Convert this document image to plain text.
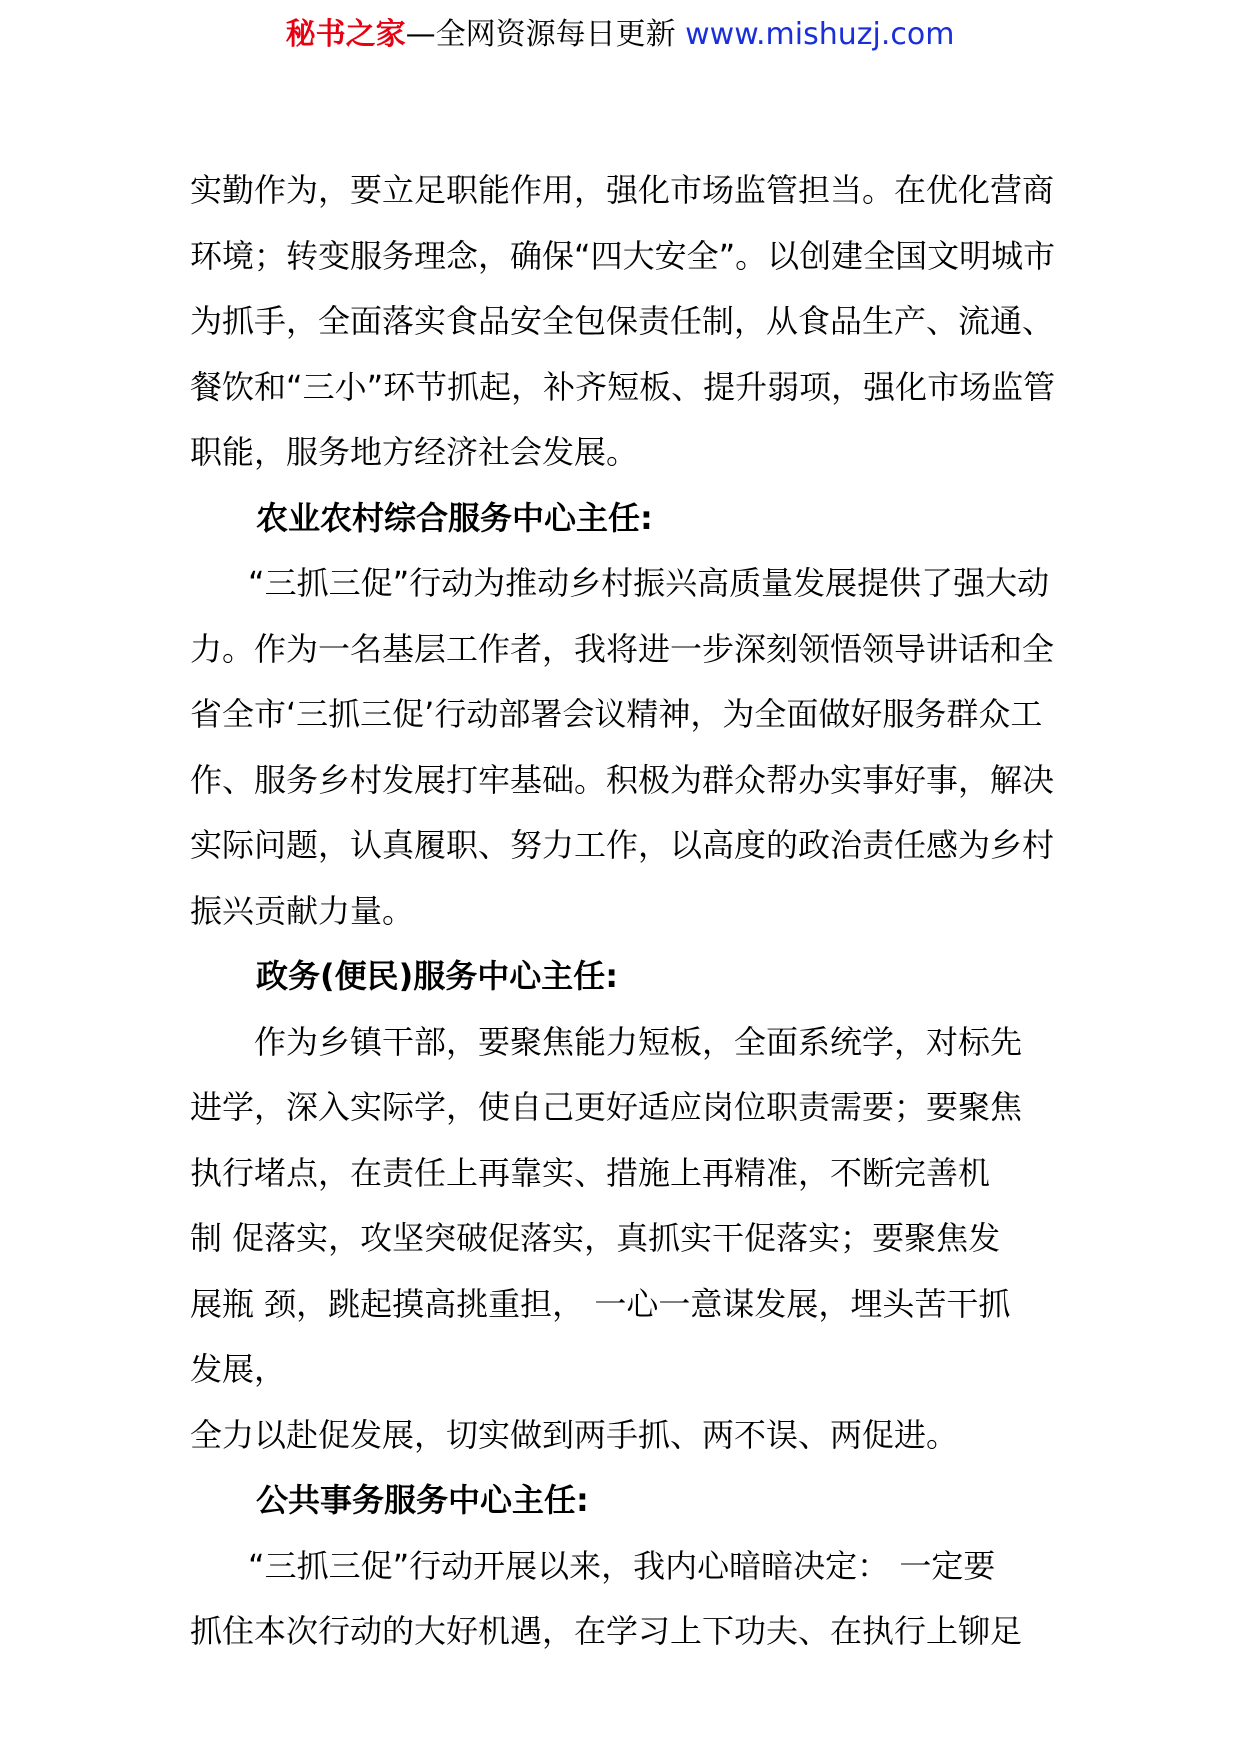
秘书之家—全网资源每日更新 www.mishuzj.com

实勤作为，要立足职能作用，强化市场监管担当。在优化营商环境；转变服务理念，确保“四大安全”。以创建全国文明城市为抓手，全面落实食品安全包保责任制，从食品生产、流通、餐饮和“三小”环节抓起，补齐短板、提升弱项，强化市场监管职能，服务地方经济社会发展。

农业农村综合服务中心主任:

“三抓三促”行动为推动乡村振兴高质量发展提供了强大动力。作为一名基层工作者，我将进一步深刻领悟领导讲话和全省全市‘三抓三促’行动部署会议精神，为全面做好服务群众工作、服务乡村发展打牢基础。积极为群众帮办实事好事，解决实际问题，认真履职、努力工作，以高度的政治责任感为乡村振兴贡献力量。

政务(便民)服务中心主任:

作为乡镇干部，要聚焦能力短板，全面系统学，对标先
进学，深入实际学，使自己更好适应岗位职责需要；要聚焦
执行堵点，在责任上再靠实、措施上再精准，不断完善机
制 促落实，攻坚突破促落实，真抓实干促落实；要聚焦发
展瓶 颈，跳起摸高挑重担， 一心一意谋发展，埋头苦干抓
发展，
全力以赴促发展，切实做到两手抓、两不误、两促进。

公共事务服务中心主任:

“三抓三促”行动开展以来，我内心暗暗决定： 一定要
抓住本次行动的大好机遇，在学习上下功夫、在执行上铆足
